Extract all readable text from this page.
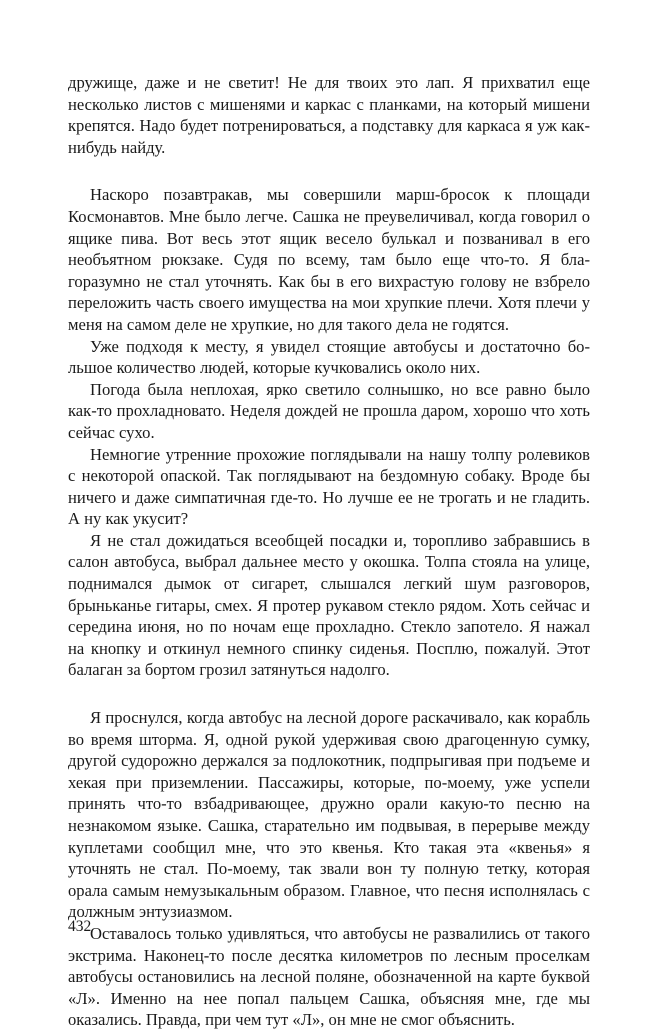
дружище, даже и не светит! Не для твоих это лап. Я прихватил еще несколько листов с мишенями и каркас с планками, на который мишени крепятся. Надо будет потренироваться, а подставку для каркаса я уж как-нибудь найду.

Наскоро позавтракав, мы совершили марш-бросок к площади Космонавтов. Мне было легче. Сашка не преувеличивал, когда говорил о ящике пива. Вот весь этот ящик весело булькал и позванивал в его необъятном рюкзаке. Судя по всему, там было еще что-то. Я благоразумно не стал уточнять. Как бы в его вихрастую голову не взбрело переложить часть своего имущества на мои хрупкие плечи. Хотя плечи у меня на самом деле не хрупкие, но для такого дела не годятся.

Уже подходя к месту, я увидел стоящие автобусы и достаточно большое количество людей, которые кучковались около них.

Погода была неплохая, ярко светило солнышко, но все равно было как-то прохладновато. Неделя дождей не прошла даром, хорошо что хоть сейчас сухо.

Немногие утренние прохожие поглядывали на нашу толпу ролевиков с некоторой опаской. Так поглядывают на бездомную собаку. Вроде бы ничего и даже симпатичная где-то. Но лучше ее не трогать и не гладить. А ну как укусит?

Я не стал дожидаться всеобщей посадки и, торопливо забравшись в салон автобуса, выбрал дальнее место у окошка. Толпа стояла на улице, поднимался дымок от сигарет, слышался легкий шум разговоров, брыньканье гитары, смех. Я протер рукавом стекло рядом. Хоть сейчас и середина июня, но по ночам еще прохладно. Стекло запотело. Я нажал на кнопку и откинул немного спинку сиденья. Посплю, пожалуй. Этот балаган за бортом грозил затянуться надолго.

Я проснулся, когда автобус на лесной дороге раскачивало, как корабль во время шторма. Я, одной рукой удерживая свою драгоценную сумку, другой судорожно держался за подлокотник, подпрыгивая при подъеме и хекая при приземлении. Пассажиры, которые, по-моему, уже успели принять что-то взбадривающее, дружно орали какую-то песню на незнакомом языке. Сашка, старательно им подвывая, в перерыве между куплетами сообщил мне, что это квенья. Кто такая эта «квенья» я уточнять не стал. По-моему, так звали вон ту полную тетку, которая орала самым немузыкальным образом. Главное, что песня исполнялась с должным энтузиазмом.

Оставалось только удивляться, что автобусы не развалились от такого экстрима. Наконец-то после десятка километров по лесным проселкам автобусы остановились на лесной поляне, обозначенной на карте буквой «Л». Именно на нее попал пальцем Сашка, объясняя мне, где мы оказались. Правда, при чем тут «Л», он мне не смог объяснить.

432
